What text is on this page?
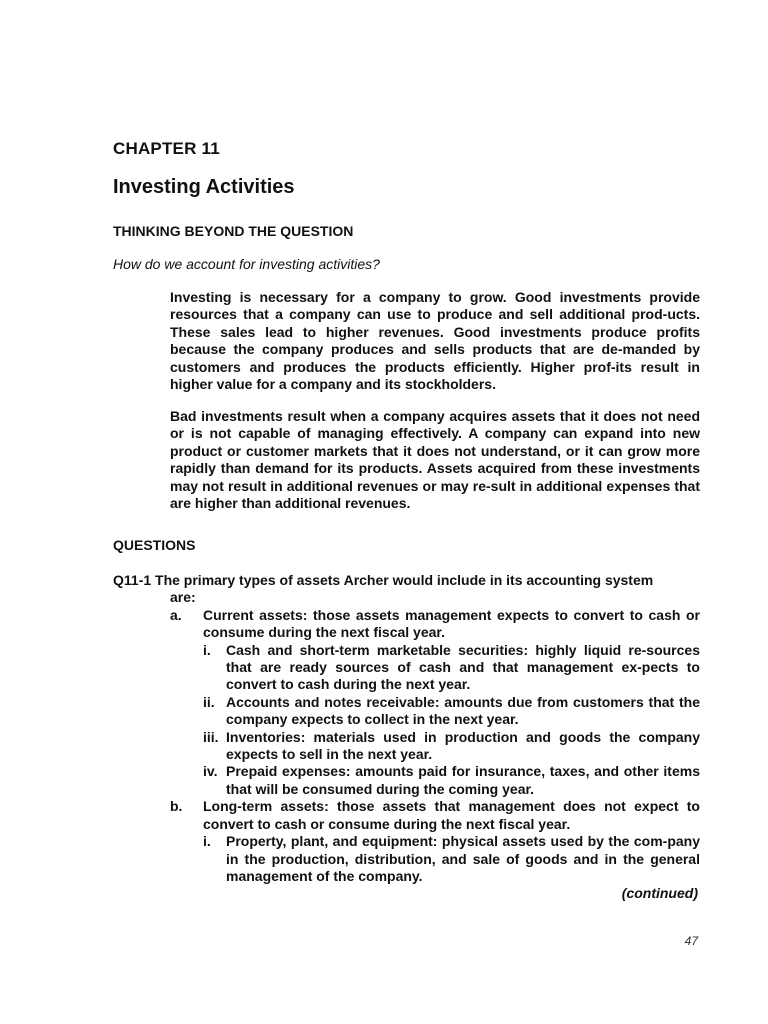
CHAPTER 11
Investing Activities
THINKING BEYOND THE QUESTION
How do we account for investing activities?

Investing is necessary for a company to grow. Good investments provide resources that a company can use to produce and sell additional prod-ucts. These sales lead to higher revenues. Good investments produce profits because the company produces and sells products that are de-manded by customers and produces the products efficiently. Higher prof-its result in higher value for a company and its stockholders.

Bad investments result when a company acquires assets that it does not need or is not capable of managing effectively. A company can expand into new product or customer markets that it does not understand, or it can grow more rapidly than demand for its products. Assets acquired from these investments may not result in additional revenues or may re-sult in additional expenses that are higher than additional revenues.

QUESTIONS
Q11-1 The primary types of assets Archer would include in its accounting system
are:
a.	Current assets: those assets management expects to convert to cash or consume during the next fiscal year.
i.	Cash and short-term marketable securities: highly liquid re-sources that are ready sources of cash and that management ex-pects to convert to cash during the next year.
ii. Accounts and notes receivable: amounts due from customers that the company expects to collect in the next year.
iii. Inventories: materials used in production and goods the company expects to sell in the next year.
iv. Prepaid expenses: amounts paid for insurance, taxes, and other items that will be consumed during the coming year.
b.	Long-term assets: those assets that management does not expect to convert to cash or consume during the next fiscal year.
i.	Property, plant, and equipment: physical assets used by the com-pany in the production, distribution, and sale of goods and in the general management of the company.
(continued)
47
